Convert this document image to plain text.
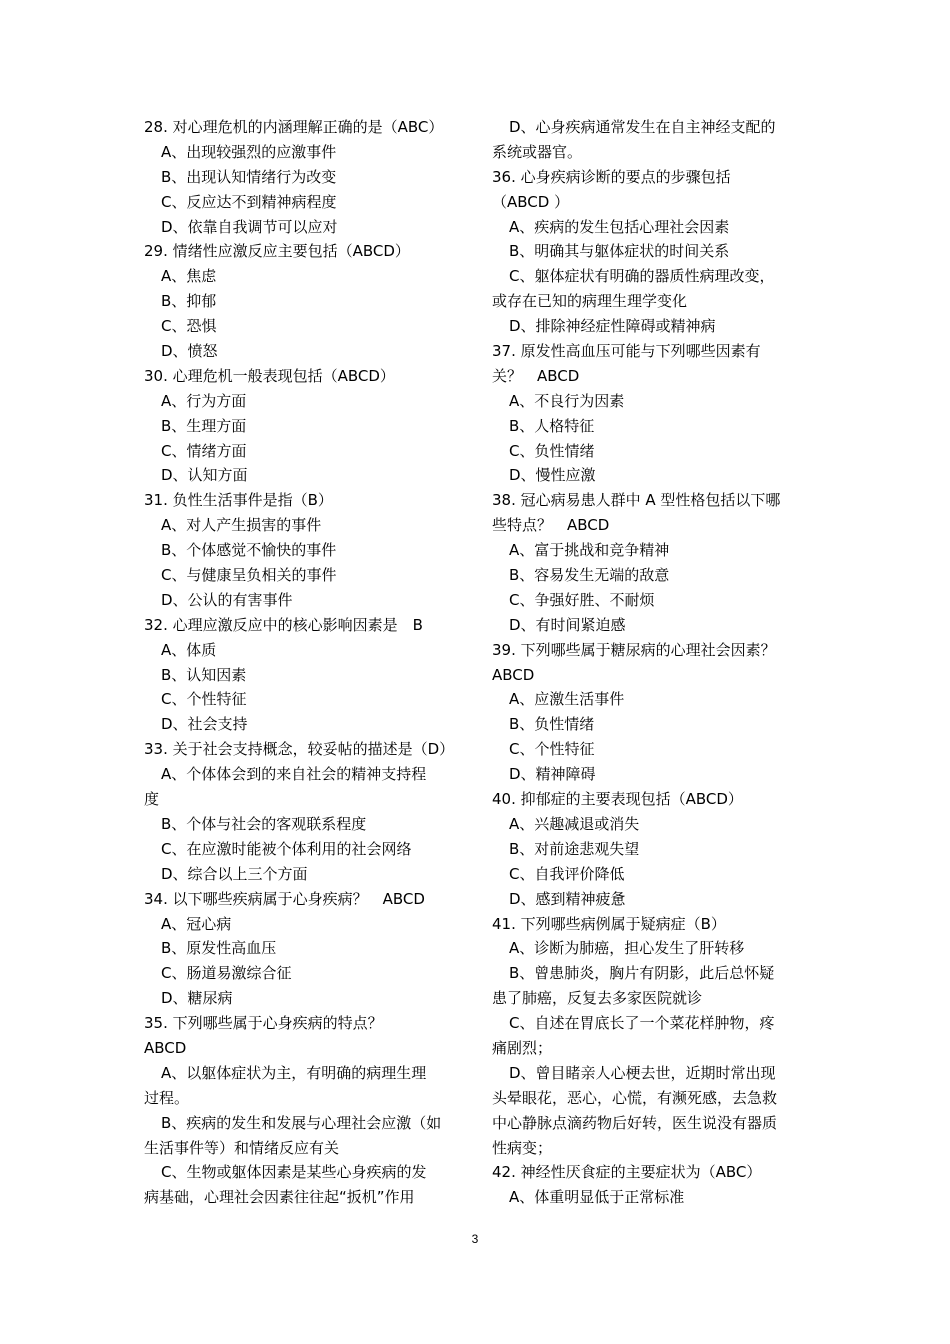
28. 对心理危机的内涵理解正确的是（ABC）
A、出现较强烈的应激事件
B、出现认知情绪行为改变
C、反应达不到精神病程度
D、依靠自我调节可以应对
29. 情绪性应激反应主要包括（ABCD）
A、焦虑
B、抑郁
C、恐惧
D、愤怒
30. 心理危机一般表现包括（ABCD）
A、行为方面
B、生理方面
C、情绪方面
D、认知方面
31. 负性生活事件是指（B）
A、对人产生损害的事件
B、个体感觉不愉快的事件
C、与健康呈负相关的事件
D、公认的有害事件
32. 心理应激反应中的核心影响因素是　B
A、体质
B、认知因素
C、个性特征
D、社会支持
33. 关于社会支持概念，较妥帖的描述是（D）
A、个体体会到的来自社会的精神支持程
度
B、个体与社会的客观联系程度
C、在应激时能被个体利用的社会网络
D、综合以上三个方面
34. 以下哪些疾病属于心身疾病？　ABCD
A、冠心病
B、原发性高血压
C、肠道易激综合征
D、糖尿病
35. 下列哪些属于心身疾病的特点？
ABCD
A、以躯体症状为主，有明确的病理生理
过程。
B、疾病的发生和发展与心理社会应激（如
生活事件等）和情绪反应有关
C、生物或躯体因素是某些心身疾病的发
病基础，心理社会因素往往起“扳机”作用
D、心身疾病通常发生在自主神经支配的
系统或器官。
36. 心身疾病诊断的要点的步骤包括
（ABCD ）
A、疾病的发生包括心理社会因素
B、明确其与躯体症状的时间关系
C、躯体症状有明确的器质性病理改变，
或存在已知的病理生理学变化
D、排除神经症性障碍或精神病
37. 原发性高血压可能与下列哪些因素有
关？　ABCD
A、不良行为因素
B、人格特征
C、负性情绪
D、慢性应激
38. 冠心病易患人群中 A 型性格包括以下哪
些特点？　ABCD
A、富于挑战和竞争精神
B、容易发生无端的敌意
C、争强好胜、不耐烦
D、有时间紧迫感
39. 下列哪些属于糖尿病的心理社会因素？
ABCD
A、应激生活事件
B、负性情绪
C、个性特征
D、精神障碍
40. 抑郁症的主要表现包括（ABCD）
A、兴趣减退或消失
B、对前途悲观失望
C、自我评价降低
D、感到精神疲惫
41. 下列哪些病例属于疑病症（B）
A、诊断为肺癌，担心发生了肝转移
B、曾患肺炎，胸片有阴影，此后总怀疑
患了肺癌，反复去多家医院就诊
C、自述在胃底长了一个菜花样肿物，疼
痛剧烈；
D、曾目睹亲人心梗去世，近期时常出现
头晕眼花，恶心，心慌，有濒死感，去急救
中心静脉点滴药物后好转，医生说没有器质
性病变；
42. 神经性厌食症的主要症状为（ABC）
A、体重明显低于正常标准
3
